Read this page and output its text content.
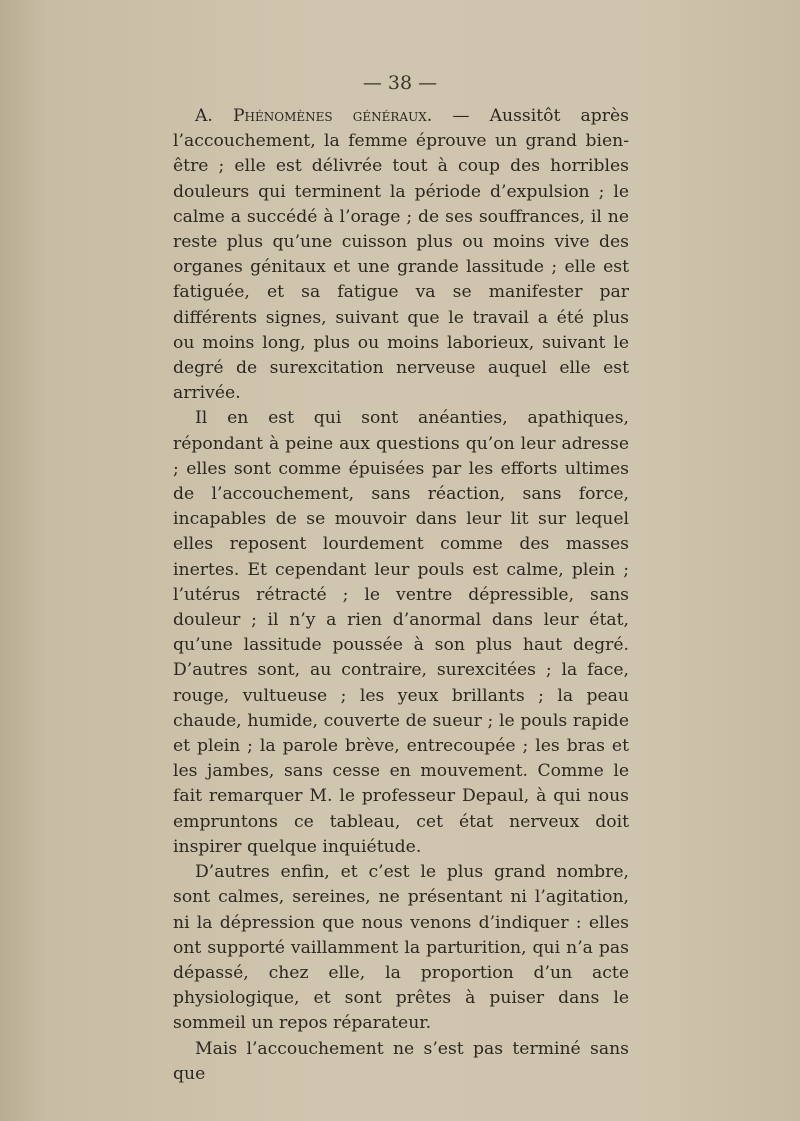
— 38 —

A. Phénomènes généraux. — Aussitôt après l’accouchement, la femme éprouve un grand bien-être ; elle est délivrée tout à coup des horribles douleurs qui terminent la période d’expulsion ; le calme a succédé à l’orage ; de ses souffrances, il ne reste plus qu’une cuisson plus ou moins vive des organes génitaux et une grande lassitude ; elle est fatiguée, et sa fatigue va se manifester par différents signes, suivant que le travail a été plus ou moins long, plus ou moins laborieux, suivant le degré de surexcitation nerveuse auquel elle est arrivée.

Il en est qui sont anéanties, apathiques, répondant à peine aux questions qu’on leur adresse ; elles sont comme épuisées par les efforts ultimes de l’accouchement, sans réaction, sans force, incapables de se mouvoir dans leur lit sur lequel elles reposent lourdement comme des masses inertes. Et cependant leur pouls est calme, plein ; l’utérus rétracté ; le ventre dépressible, sans douleur ; il n’y a rien d’anormal dans leur état, qu’une lassitude poussée à son plus haut degré. D’autres sont, au contraire, surexcitées ; la face, rouge, vultueuse ; les yeux brillants ; la peau chaude, humide, couverte de sueur ; le pouls rapide et plein ; la parole brève, entrecoupée ; les bras et les jambes, sans cesse en mouvement. Comme le fait remarquer M. le professeur Depaul, à qui nous empruntons ce tableau, cet état nerveux doit inspirer quelque inquiétude.

D’autres enfin, et c’est le plus grand nombre, sont calmes, sereines, ne présentant ni l’agitation, ni la dépression que nous venons d’indiquer : elles ont supporté vaillamment la parturition, qui n’a pas dépassé, chez elle, la proportion d’un acte physiologique, et sont prêtes à puiser dans le sommeil un repos réparateur.

Mais l’accouchement ne s’est pas terminé sans que
